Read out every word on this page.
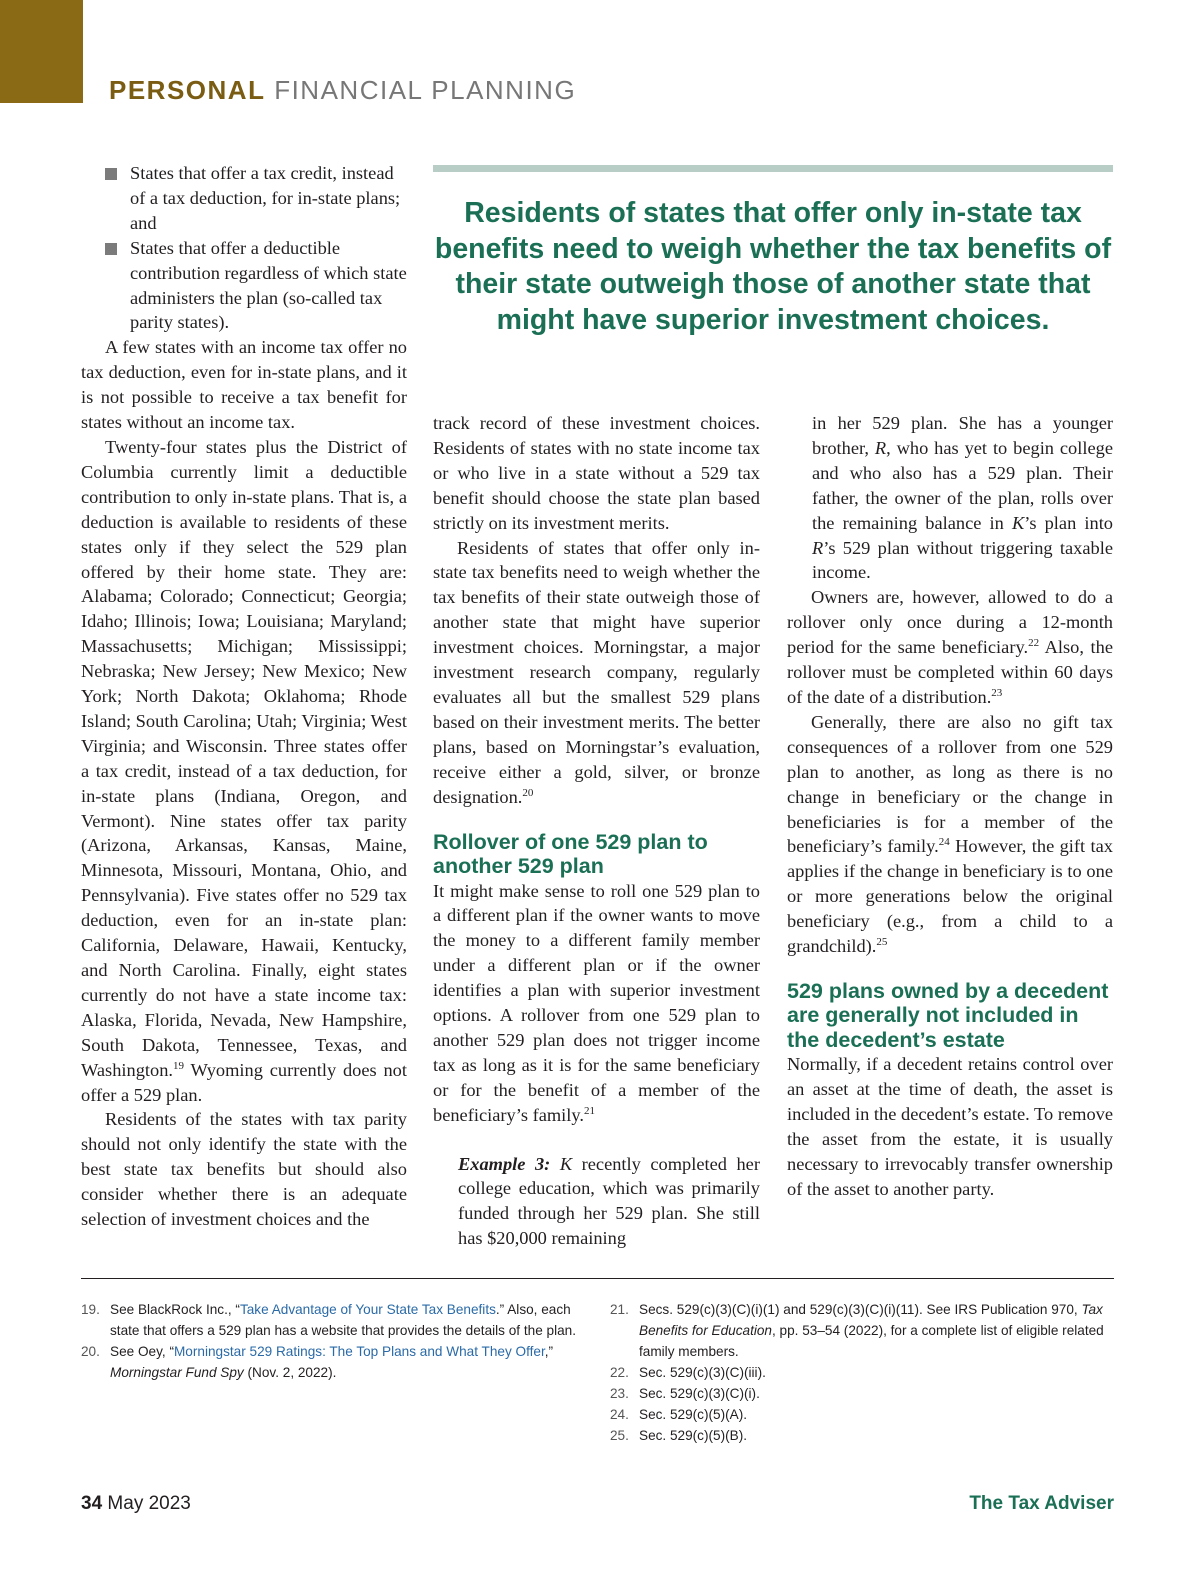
PERSONAL FINANCIAL PLANNING
States that offer a tax credit, instead of a tax deduction, for in-state plans; and
States that offer a deductible contribution regardless of which state administers the plan (so-called tax parity states).

A few states with an income tax offer no tax deduction, even for in-state plans, and it is not possible to receive a tax benefit for states without an income tax.

Twenty-four states plus the District of Columbia currently limit a deductible contribution to only in-state plans. That is, a deduction is available to residents of these states only if they select the 529 plan offered by their home state. They are: Alabama; Colorado; Connecticut; Georgia; Idaho; Illinois; Iowa; Louisiana; Maryland; Massachusetts; Michigan; Mississippi; Nebraska; New Jersey; New Mexico; New York; North Dakota; Oklahoma; Rhode Island; South Carolina; Utah; Virginia; West Virginia; and Wisconsin. Three states offer a tax credit, instead of a tax deduction, for in-state plans (Indiana, Oregon, and Vermont). Nine states offer tax parity (Arizona, Arkansas, Kansas, Maine, Minnesota, Missouri, Montana, Ohio, and Pennsylvania). Five states offer no 529 tax deduction, even for an in-state plan: California, Delaware, Hawaii, Kentucky, and North Carolina. Finally, eight states currently do not have a state income tax: Alaska, Florida, Nevada, New Hampshire, South Dakota, Tennessee, Texas, and Washington.$^{19}$ Wyoming currently does not offer a 529 plan.

Residents of the states with tax parity should not only identify the state with the best state tax benefits but should also consider whether there is an adequate selection of investment choices and the

Residents of states that offer only in-state tax benefits need to weigh whether the tax benefits of their state outweigh those of another state that might have superior investment choices.

track record of these investment choices. Residents of states with no state income tax or who live in a state without a 529 tax benefit should choose the state plan based strictly on its investment merits.

Residents of states that offer only in-state tax benefits need to weigh whether the tax benefits of their state outweigh those of another state that might have superior investment choices. Morningstar, a major investment research company, regularly evaluates all but the smallest 529 plans based on their investment merits. The better plans, based on Morningstar’s evaluation, receive either a gold, silver, or bronze designation.$^{20}$

Rollover of one 529 plan to another 529 plan

It might make sense to roll one 529 plan to a different plan if the owner wants to move the money to a different family member under a different plan or if the owner identifies a plan with superior investment options. A rollover from one 529 plan to another 529 plan does not trigger income tax as long as it is for the same beneficiary or for the benefit of a member of the beneficiary’s family.$^{21}$

Example 3: K recently completed her college education, which was primarily funded through her 529 plan. She still has $20,000 remaining

in her 529 plan. She has a younger brother, R, who has yet to begin college and who also has a 529 plan. Their father, the owner of the plan, rolls over the remaining balance in K’s plan into R’s 529 plan without triggering taxable income.

Owners are, however, allowed to do a rollover only once during a 12-month period for the same beneficiary.$^{22}$ Also, the rollover must be completed within 60 days of the date of a distribution.$^{23}$

Generally, there are also no gift tax consequences of a rollover from one 529 plan to another, as long as there is no change in beneficiary or the change in beneficiaries is for a member of the beneficiary’s family.$^{24}$ However, the gift tax applies if the change in beneficiary is to one or more generations below the original beneficiary (e.g., from a child to a grandchild).$^{25}$

529 plans owned by a decedent are generally not included in the decedent’s estate

Normally, if a decedent retains control over an asset at the time of death, the asset is included in the decedent’s estate. To remove the asset from the estate, it is usually necessary to irrevocably transfer ownership of the asset to another party.

19. See BlackRock Inc., “Take Advantage of Your State Tax Benefits.” Also, each state that offers a 529 plan has a website that provides the details of the plan.
20. See Oey, “Morningstar 529 Ratings: The Top Plans and What They Offer,” Morningstar Fund Spy (Nov. 2, 2022).
21. Secs. 529(c)(3)(C)(i)(1) and 529(c)(3)(C)(i)(11). See IRS Publication 970, Tax Benefits for Education, pp. 53–54 (2022), for a complete list of eligible related family members.
22. Sec. 529(c)(3)(C)(iii).
23. Sec. 529(c)(3)(C)(i).
24. Sec. 529(c)(5)(A).
25. Sec. 529(c)(5)(B).
34 May 2023	The Tax Adviser
